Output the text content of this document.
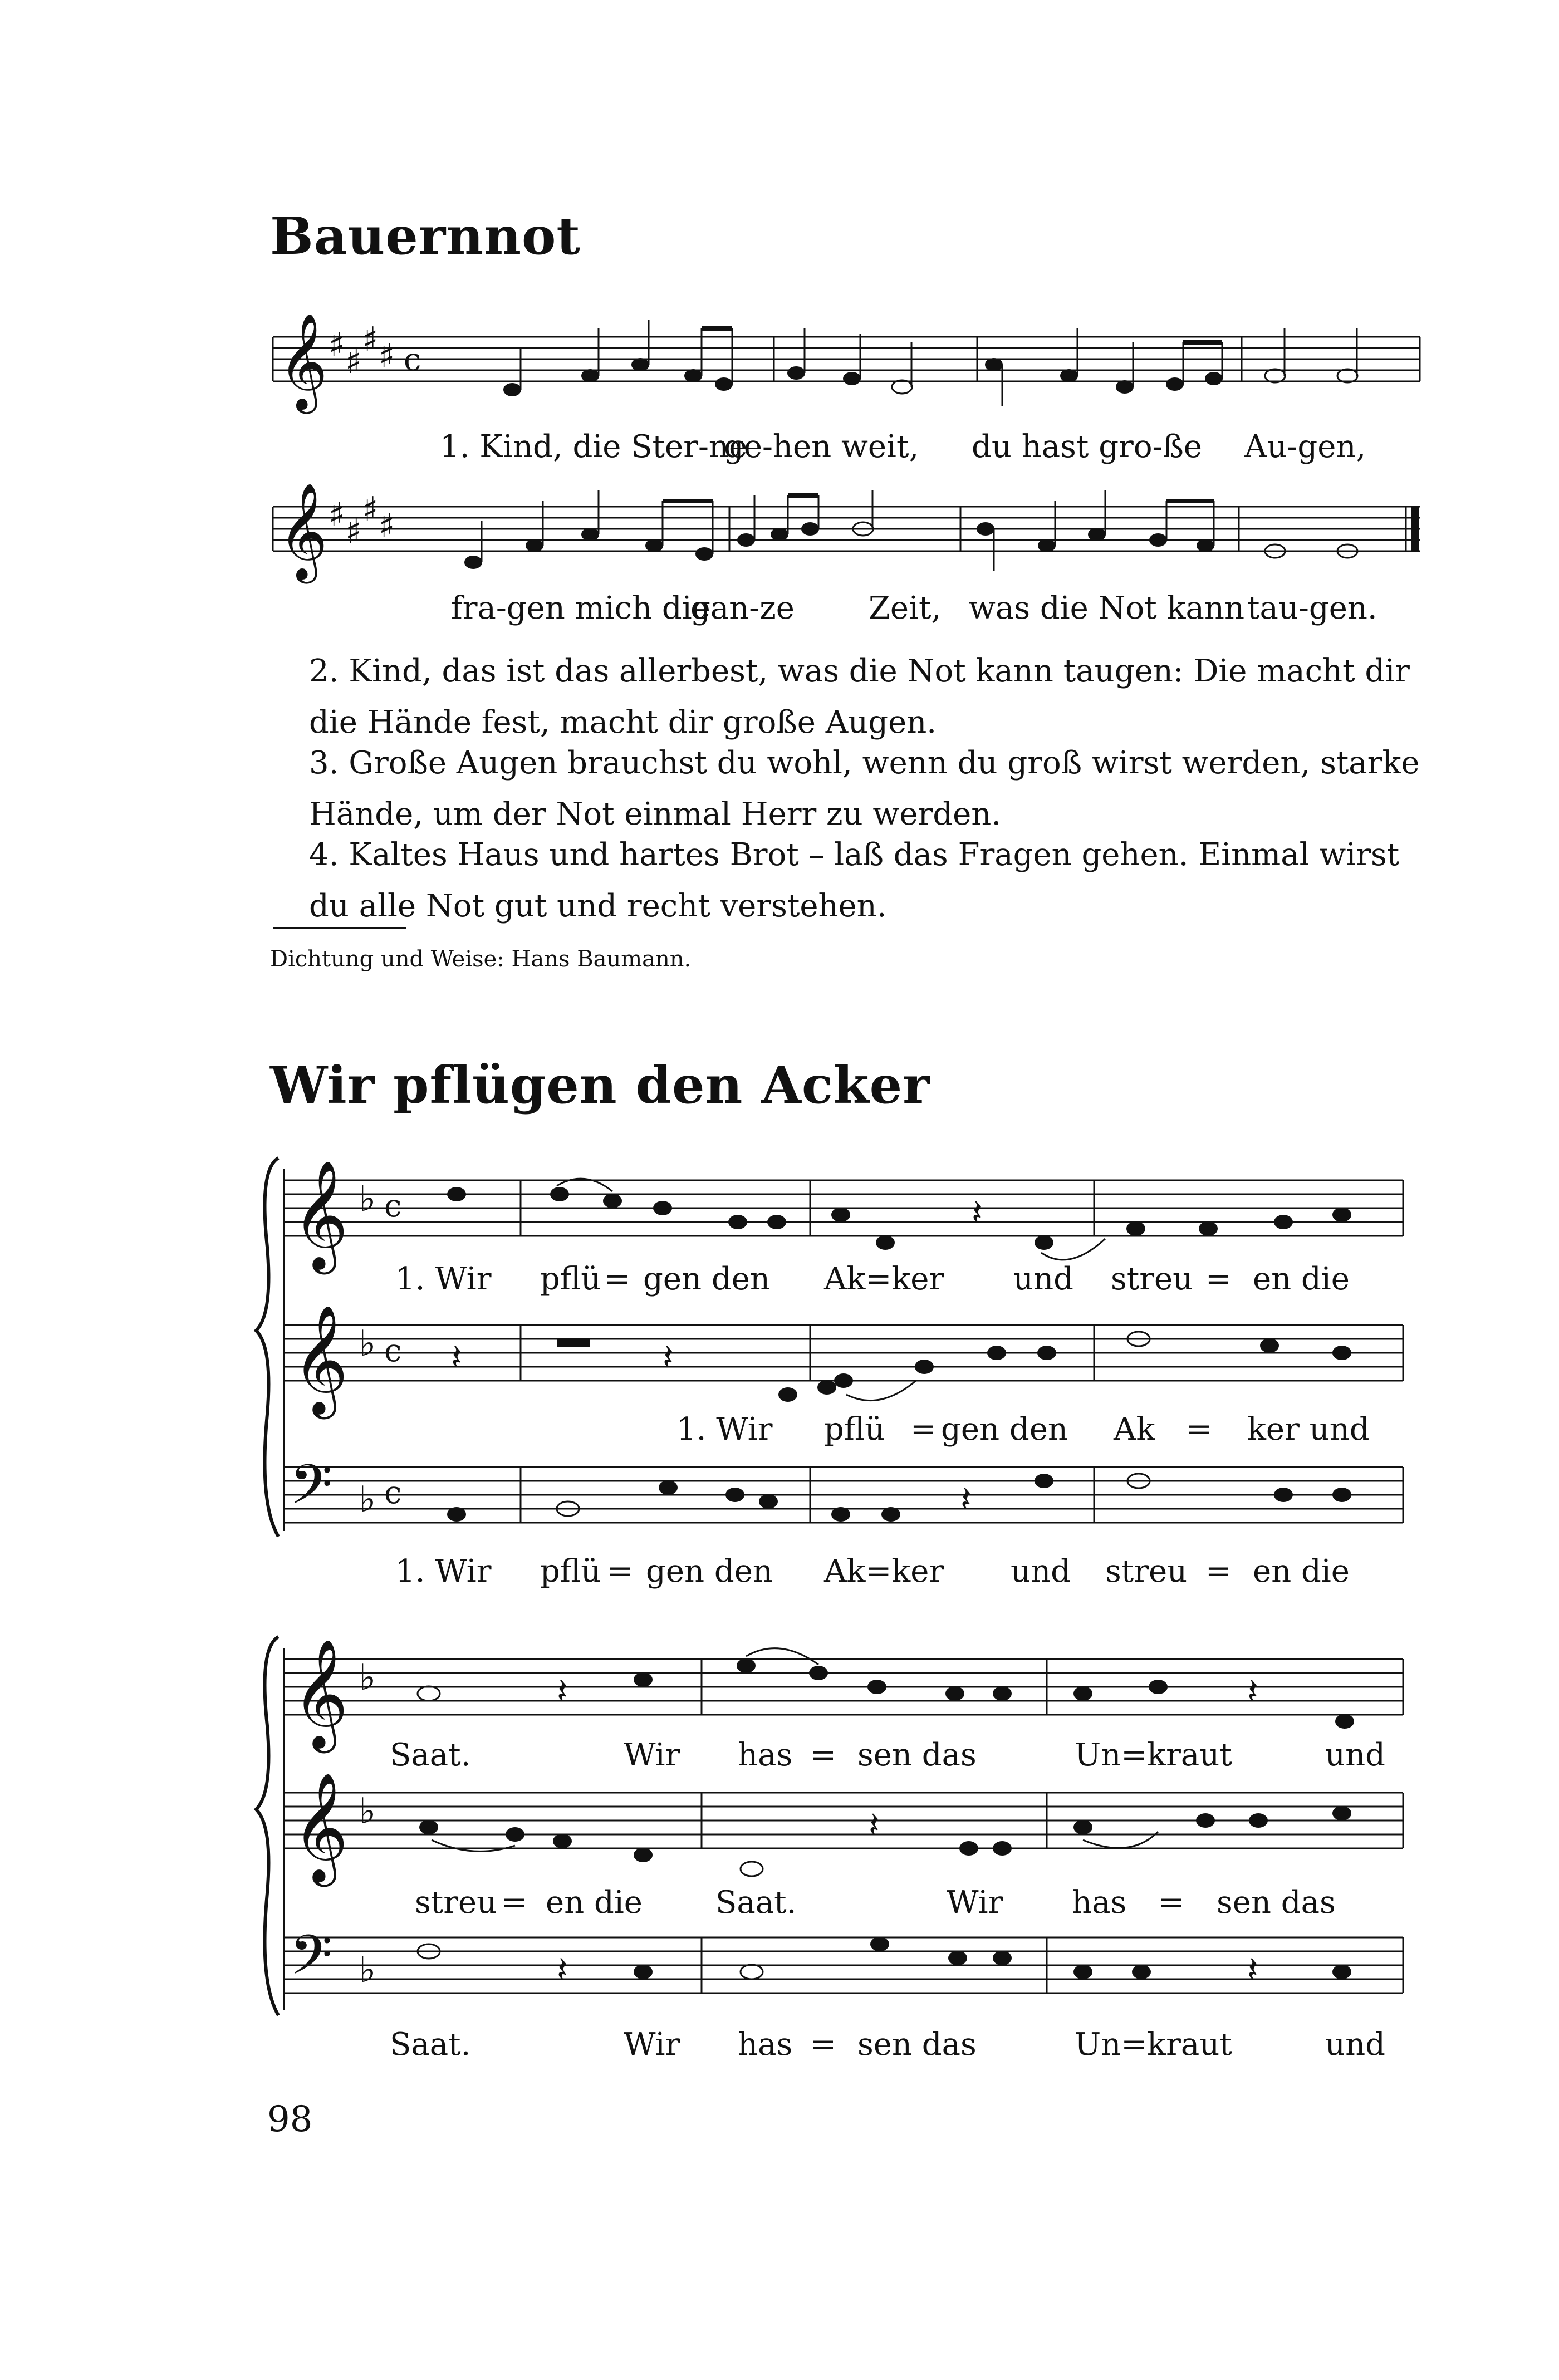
Bauernnot
𝄞 ♯ ♯
♯ ♯ c
1. Kind, die Ster-ne
ge-hen weit, du hast gro-ße Au-gen,
𝄞 ♯ ♯
♯ ♯
fra-gen mich die
gan-ze Zeit, was die Not kann tau-gen.

2. Kind, das ist das allerbest, was die Not kann taugen: Die macht dir die Hände fest, macht dir große Augen.

3. Große Augen brauchst du wohl, wenn du groß wirst werden, starke Hände, um der Not einmal Herr zu werden.

4. Kaltes Haus und hartes Brot – laß das Fragen gehen. Einmal wirst du alle Not gut und recht verstehen.

Dichtung und Weise: Hans Baumann.

Wir pflügen den Acker
𝄞
𝄞
𝄢
♭
♭
♭
c
c
c
𝄽
𝄽	𝄽
𝄽
1. Wir pflü = gen den Ak=ker und streu = en die
1. Wir pflü = gen den Ak = ker und
1. Wir pflü = gen den Ak=ker und streu = en die
𝄞
𝄞
𝄢
♭
♭
♭
𝄽	𝄽
𝄽
𝄽	𝄽
Saat.	Wir has = sen das	Un=kraut	und
streu = en die Saat.	Wir has = sen das
Saat.	Wir has = sen das	Un=kraut	und
98
